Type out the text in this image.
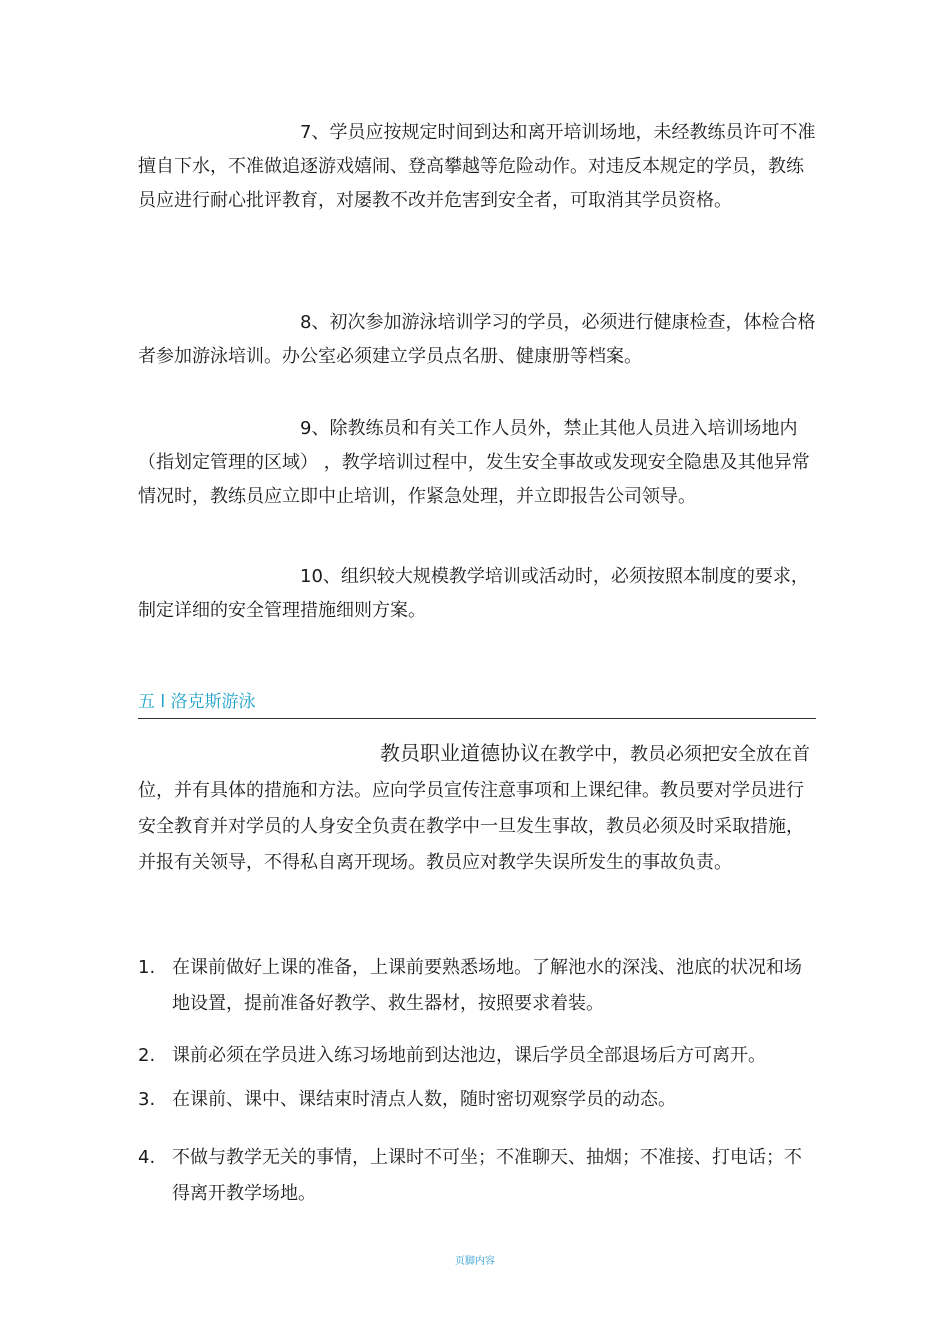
7、学员应按规定时间到达和离开培训场地，未经教练员许可不准擅自下水，不准做追逐游戏嬉闹、登高攀越等危险动作。对违反本规定的学员，教练员应进行耐心批评教育，对屡教不改并危害到安全者，可取消其学员资格。
8、初次参加游泳培训学习的学员，必须进行健康检查，体检合格者参加游泳培训。办公室必须建立学员点名册、健康册等档案。
9、除教练员和有关工作人员外，禁止其他人员进入培训场地内 （指划定管理的区域） ，教学培训过程中，发生安全事故或发现安全隐患及其他异常情况时，教练员应立即中止培训，作紧急处理，并立即报告公司领导。
10、组织较大规模教学培训或活动时，必须按照本制度的要求，制定详细的安全管理措施细则方案。
五 l 洛克斯游泳
教员职业道德协议在教学中，教员必须把安全放在首位，并有具体的措施和方法。应向学员宣传注意事项和上课纪律。教员要对学员进行安全教育并对学员的人身安全负责在教学中一旦发生事故，教员必须及时采取措施，并报有关领导，不得私自离开现场。教员应对教学失误所发生的事故负责。
1. 在课前做好上课的准备，上课前要熟悉场地。了解池水的深浅、池底的状况和场地设置，提前准备好教学、救生器材，按照要求着装。
2. 课前必须在学员进入练习场地前到达池边，课后学员全部退场后方可离开。
3. 在课前、课中、课结束时清点人数，随时密切观察学员的动态。
4. 不做与教学无关的事情，上课时不可坐；不准聊天、抽烟；不准接、打电话；不得离开教学场地。
页脚内容
